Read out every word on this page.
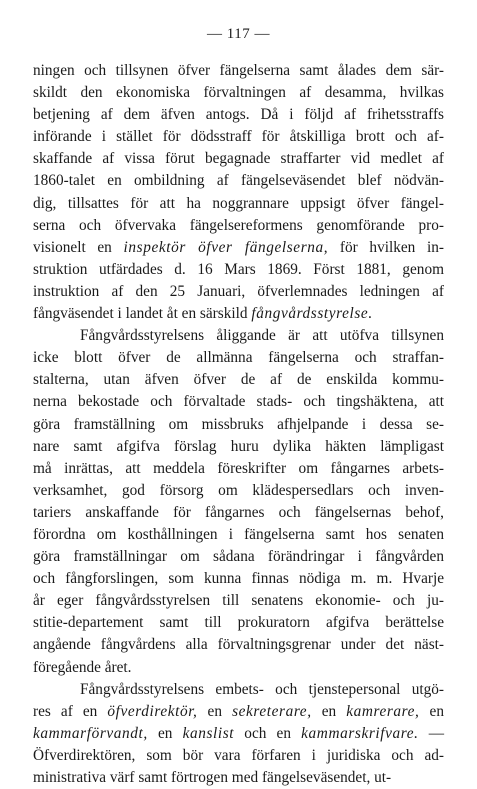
— 117 —
ningen och tillsynen öfver fängelserna samt ålades dem sär-
skildt den ekonomiska förvaltningen af desamma, hvilkas
betjening af dem äfven antogs. Då i följd af frihetsstraffs
införande i stället för dödsstraff för åtskilliga brott och af-
skaffande af vissa förut begagnade straffarter vid medlet af
1860-talet en ombildning af fängelseväsendet blef nödvän-
dig, tillsattes för att ha noggrannare uppsigt öfver fängel-
serna och öfvervaka fängelsereformens genomförande pro-
visionelt en inspektör öfver fängelserna, för hvilken in-
struktion utfärdades d. 16 Mars 1869. Först 1881, genom
instruktion af den 25 Januari, öfverlemnades ledningen af
fångväsendet i landet åt en särskild fångvårdsstyrelse.
Fångvårdsstyrelsens åliggande är att utöfva tillsynen
icke blott öfver de allmänna fängelserna och straffan-
stalterna, utan äfven öfver de af de enskilda kommu-
nerna bekostade och förvaltade stads- och tingshäktena, att
göra framställning om missbruks afhjelpande i dessa se-
nare samt afgifva förslag huru dylika häkten lämpligast
må inrättas, att meddela föreskrifter om fångarnes arbets-
verksamhet, god försorg om klädespersedlars och inven-
tariers anskaffande för fångarnes och fängelsernas behof,
förordna om kosthållningen i fängelserna samt hos senaten
göra framställningar om sådana förändringar i fångvården
och fångforslingen, som kunna finnas nödiga m. m. Hvarje
år eger fångvårdsstyrelsen till senatens ekonomie- och ju-
stitie-departement samt till prokuratorn afgifva berättelse
angående fångvårdens alla förvaltningsgrenar under det näst-
föregående året.
Fångvårdsstyrelsens embets- och tjenstepersonal utgö-
res af en öfverdirektör, en sekreterare, en kamrerare, en
kammarförvandt, en kanslist och en kammarskrifvare. —
Öfverdirektören, som bör vara förfaren i juridiska och ad-
ministrativa värf samt förtrogen med fängelseväsendet, ut-
